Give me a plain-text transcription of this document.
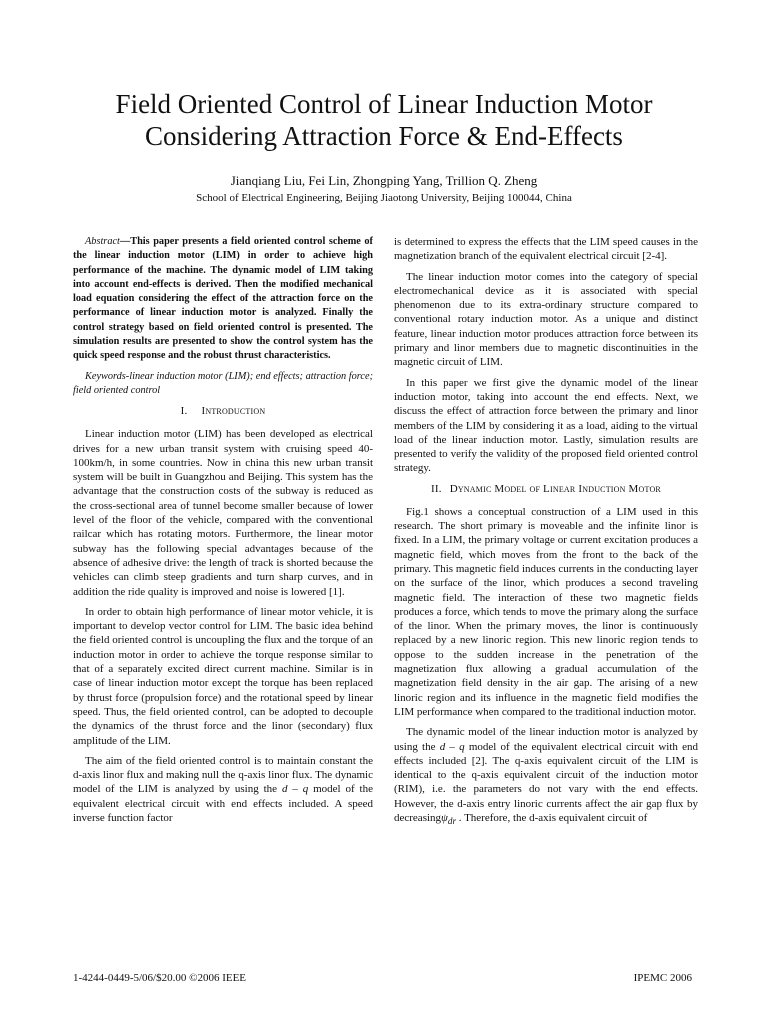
Field Oriented Control of Linear Induction Motor
Considering Attraction Force & End-Effects
Jianqiang Liu, Fei Lin, Zhongping Yang, Trillion Q. Zheng
School of Electrical Engineering, Beijing Jiaotong University, Beijing 100044, China

Abstract—This paper presents a field oriented control scheme of the linear induction motor (LIM) in order to achieve high performance of the machine. The dynamic model of LIM taking into account end-effects is derived. Then the modified mechanical load equation considering the effect of the attraction force on the performance of linear induction motor is analyzed. Finally the control strategy based on field oriented control is presented. The simulation results are presented to show the control system has the quick speed response and the robust thrust characteristics.

Keywords-linear induction motor (LIM); end effects; attraction force; field oriented control

I. Introduction

Linear induction motor (LIM) has been developed as electrical drives for a new urban transit system with cruising speed 40-100km/h, in some countries. Now in china this new urban transit system will be built in Guangzhou and Beijing. This system has the advantage that the construction costs of the subway is reduced as the cross-sectional area of tunnel become smaller because of lower level of the floor of the vehicle, compared with the conventional railcar which has rotating motors. Furthermore, the linear motor subway has the following special advantages because of the absence of adhesive drive: the length of track is shorted because the vehicles can climb steep gradients and turn sharp curves, and in addition the ride quality is improved and noise is lowered [1].

In order to obtain high performance of linear motor vehicle, it is important to develop vector control for LIM. The basic idea behind the field oriented control is uncoupling the flux and the torque of an induction motor in order to achieve the torque response similar to that of a separately excited direct current machine. Similar is in case of linear induction motor except the torque has been replaced by thrust force (propulsion force) and the rotational speed by linear speed. Thus, the field oriented control, can be adopted to decouple the dynamics of the thrust force and the linor (secondary) flux amplitude of the LIM.

The aim of the field oriented control is to maintain constant the d-axis linor flux and making null the q-axis linor flux. The dynamic model of the LIM is analyzed by using the d – q model of the equivalent electrical circuit with end effects included. A speed inverse function factor

is determined to express the effects that the LIM speed causes in the magnetization branch of the equivalent electrical circuit [2-4].

The linear induction motor comes into the category of special electromechanical device as it is associated with special phenomenon due to its extra-ordinary structure compared to conventional rotary induction motor. As a unique and distinct feature, linear induction motor produces attraction force between its primary and linor members due to magnetic discontinuities in the magnetic circuit of LIM.

In this paper we first give the dynamic model of the linear induction motor, taking into account the end effects. Next, we discuss the effect of attraction force between the primary and linor members of the LIM by considering it as a load, aiding to the virtual load of the linear induction motor. Lastly, simulation results are presented to verify the validity of the proposed field oriented control strategy.

II. Dynamic Model of Linear Induction Motor

Fig.1 shows a conceptual construction of a LIM used in this research. The short primary is moveable and the infinite linor is fixed. In a LIM, the primary voltage or current excitation produces a magnetic field, which moves from the front to the back of the primary. This magnetic field induces currents in the conducting layer on the surface of the linor, which produces a second traveling magnetic field. The interaction of these two magnetic fields produces a force, which tends to move the primary along the surface of the linor. When the primary moves, the linor is continuously replaced by a new linoric region. This new linoric region tends to oppose to the sudden increase in the penetration of the magnetization flux allowing a gradual accumulation of the magnetization field density in the air gap. The arising of a new linoric region and its influence in the magnetic field modifies the LIM performance when compared to the traditional induction motor.

The dynamic model of the linear induction motor is analyzed by using the d – q model of the equivalent electrical circuit with end effects included [2]. The q-axis equivalent circuit of the LIM is identical to the q-axis equivalent circuit of the induction motor (RIM), i.e. the parameters do not vary with the end effects. However, the d-axis entry linoric currents affect the air gap flux by decreasingψ$_{dr}$ . Therefore, the d-axis equivalent circuit of

1-4244-0449-5/06/$20.00 ©2006 IEEE	IPEMC 2006
